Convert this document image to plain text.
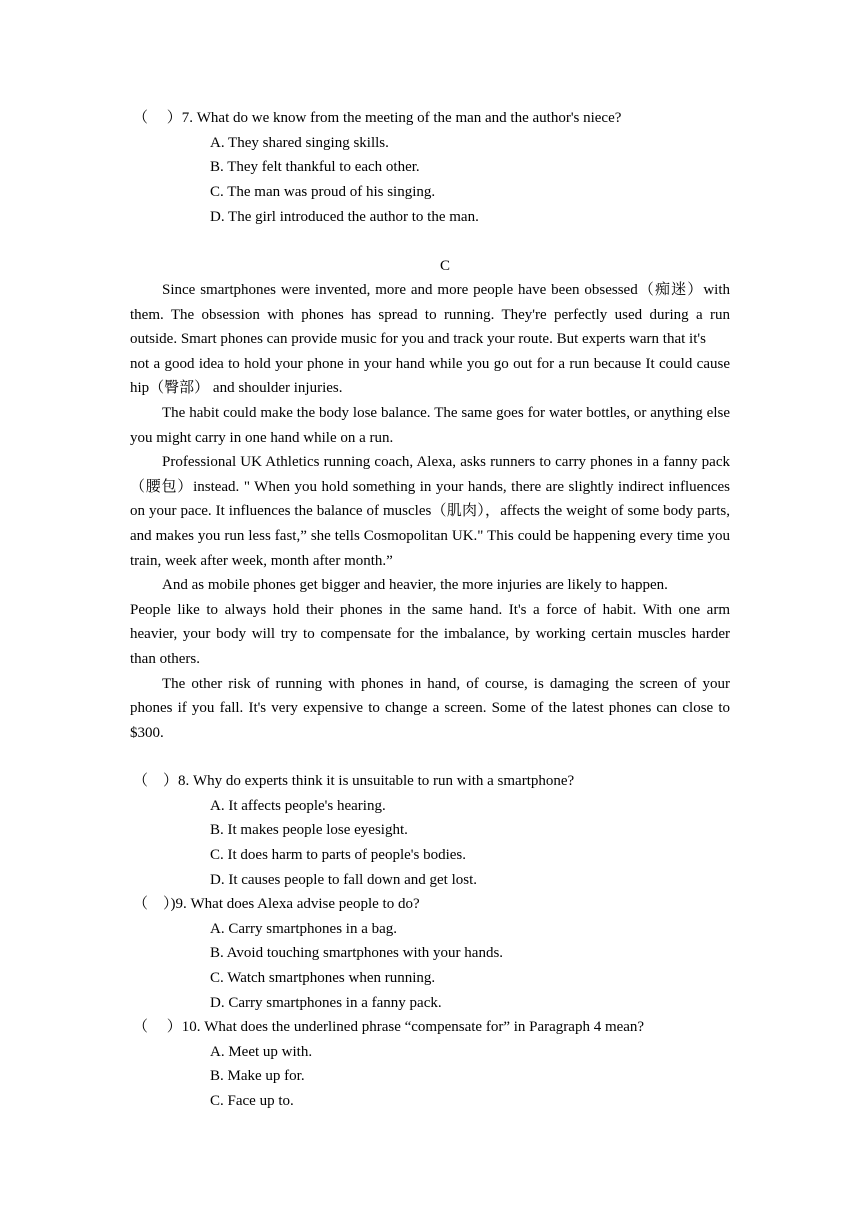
（　 ）7. What do we know from the meeting of the man and the author's niece?
A. They shared singing skills.
B. They felt thankful to each other.
C. The man was proud of his singing.
D. The girl introduced the author to the man.
C

Since smartphones were invented, more and more people have been obsessed（痴迷）with them. The obsession with phones has spread to running. They're perfectly used during a run outside. Smart phones can provide music for you and track your route. But experts warn that it's

not a good idea to hold your phone in your hand while you go out for a run because It could cause hip（臀部） and shoulder injuries.

The habit could make the body lose balance. The same goes for water bottles, or anything else you might carry in one hand while on a run.

Professional UK Athletics running coach, Alexa, asks runners to carry phones in a fanny pack（腰包）instead. " When you hold something in your hands, there are slightly indirect influences on your pace. It influences the balance of muscles（肌肉），affects the weight of some body parts, and makes you run less fast,” she tells Cosmopolitan UK." This could be happening every time you train, week after week, month after month.”

And as mobile phones get bigger and heavier, the more injuries are likely to happen.

People like to always hold their phones in the same hand. It's a force of habit. With one arm heavier, your body will try to compensate for the imbalance, by working certain muscles harder than others.

The other risk of running with phones in hand, of course, is damaging the screen of your phones if you fall. It's very expensive to change a screen. Some of the latest phones can close to $300.

（　）8. Why do experts think it is unsuitable to run with a smartphone?
A. It affects people's hearing.
B. It makes people lose eyesight.
C. It does harm to parts of people's bodies.
D. It causes people to fall down and get lost.
（　）)9. What does Alexa advise people to do?
A. Carry smartphones in a bag.
B. Avoid touching smartphones with your hands.
C. Watch smartphones when running.
D. Carry smartphones in a fanny pack.
（　 ）10. What does the underlined phrase “compensate for” in Paragraph 4 mean?
A. Meet up with.
B. Make up for.
C. Face up to.
